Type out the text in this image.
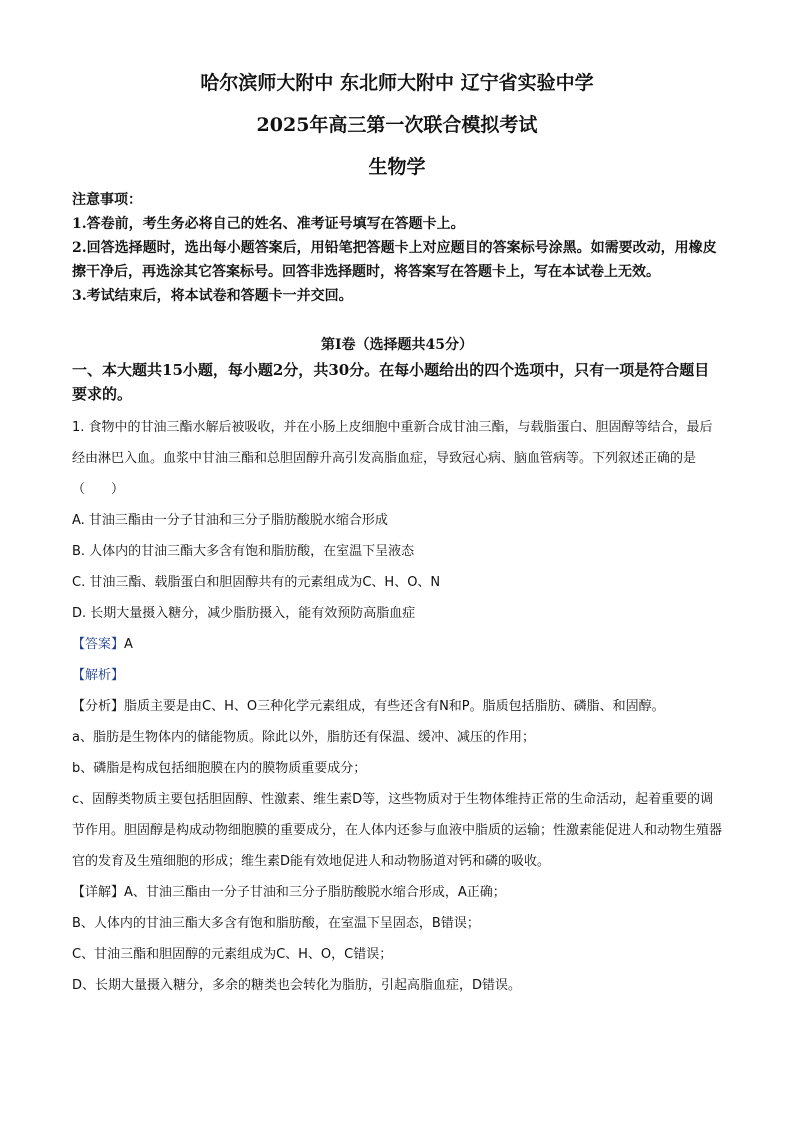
哈尔滨师大附中 东北师大附中 辽宁省实验中学
2025年高三第一次联合模拟考试
生物学

注意事项：

1.答卷前，考生务必将自己的姓名、准考证号填写在答题卡上。

2.回答选择题时，选出每小题答案后，用铅笔把答题卡上对应题目的答案标号涂黑。如需要改动，用橡皮擦干净后，再选涂其它答案标号。回答非选择题时，将答案写在答题卡上，写在本试卷上无效。

3.考试结束后，将本试卷和答题卡一并交回。

第Ⅰ卷（选择题共45分）

一、本大题共15小题，每小题2分，共30分。在每小题给出的四个选项中，只有一项是符合题目要求的。

1. 食物中的甘油三酯水解后被吸收，并在小肠上皮细胞中重新合成甘油三酯，与载脂蛋白、胆固醇等结合，最后经由淋巴入血。血浆中甘油三酯和总胆固醇升高引发高脂血症，导致冠心病、脑血管病等。下列叙述正确的是（　　）

A. 甘油三酯由一分子甘油和三分子脂肪酸脱水缩合形成

B. 人体内的甘油三酯大多含有饱和脂肪酸，在室温下呈液态

C. 甘油三酯、载脂蛋白和胆固醇共有的元素组成为C、H、O、N

D. 长期大量摄入糖分，减少脂肪摄入，能有效预防高脂血症

【答案】A

【解析】

【分析】脂质主要是由C、H、O三种化学元素组成，有些还含有N和P。脂质包括脂肪、磷脂、和固醇。

a、脂肪是生物体内的储能物质。除此以外，脂肪还有保温、缓冲、减压的作用；

b、磷脂是构成包括细胞膜在内的膜物质重要成分；

c、固醇类物质主要包括胆固醇、性激素、维生素D等，这些物质对于生物体维持正常的生命活动，起着重要的调节作用。胆固醇是构成动物细胞膜的重要成分，在人体内还参与血液中脂质的运输；性激素能促进人和动物生殖器官的发育及生殖细胞的形成；维生素D能有效地促进人和动物肠道对钙和磷的吸收。

【详解】A、甘油三酯由一分子甘油和三分子脂肪酸脱水缩合形成，A正确；

B、人体内的甘油三酯大多含有饱和脂肪酸，在室温下呈固态，B错误；

C、甘油三酯和胆固醇的元素组成为C、H、O，C错误；

D、长期大量摄入糖分，多余的糖类也会转化为脂肪，引起高脂血症，D错误。
